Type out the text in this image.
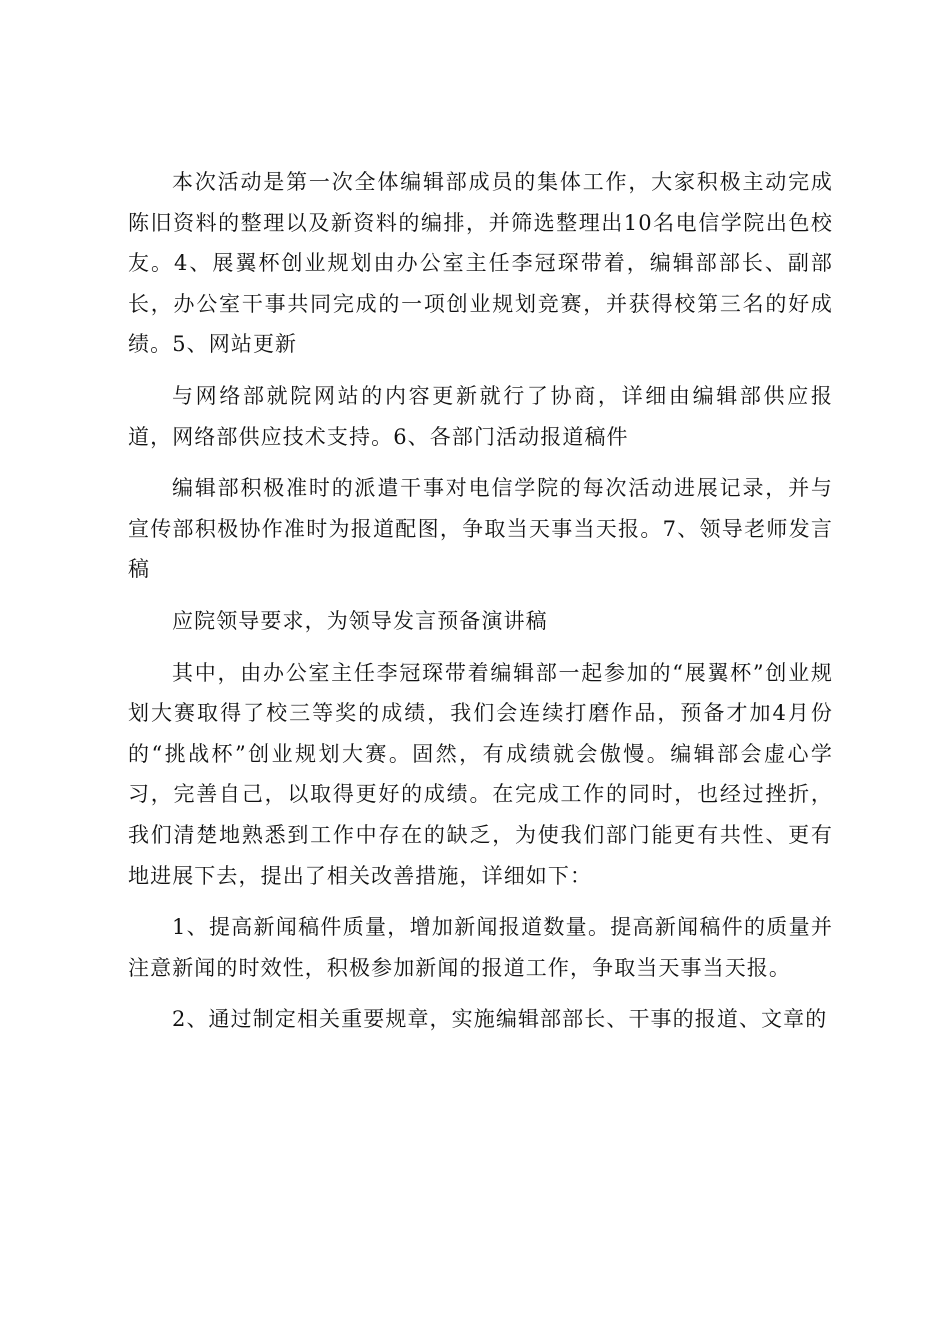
本次活动是第一次全体编辑部成员的集体工作，大家积极主动完成陈旧资料的整理以及新资料的编排，并筛选整理出10名电信学院出色校友。4、展翼杯创业规划由办公室主任李冠琛带着，编辑部部长、副部长，办公室干事共同完成的一项创业规划竞赛，并获得校第三名的好成绩。5、网站更新

与网络部就院网站的内容更新就行了协商，详细由编辑部供应报道，网络部供应技术支持。6、各部门活动报道稿件

编辑部积极准时的派遣干事对电信学院的每次活动进展记录，并与宣传部积极协作准时为报道配图，争取当天事当天报。7、领导老师发言稿

应院领导要求，为领导发言预备演讲稿

其中，由办公室主任李冠琛带着编辑部一起参加的“展翼杯”创业规划大赛取得了校三等奖的成绩，我们会连续打磨作品，预备才加4月份的“挑战杯”创业规划大赛。固然，有成绩就会傲慢。编辑部会虚心学习，完善自己，以取得更好的成绩。在完成工作的同时，也经过挫折，我们清楚地熟悉到工作中存在的缺乏，为使我们部门能更有共性、更有地进展下去，提出了相关改善措施，详细如下：

1、提高新闻稿件质量，增加新闻报道数量。提高新闻稿件的质量并注意新闻的时效性，积极参加新闻的报道工作，争取当天事当天报。

2、通过制定相关重要规章，实施编辑部部长、干事的报道、文章的
